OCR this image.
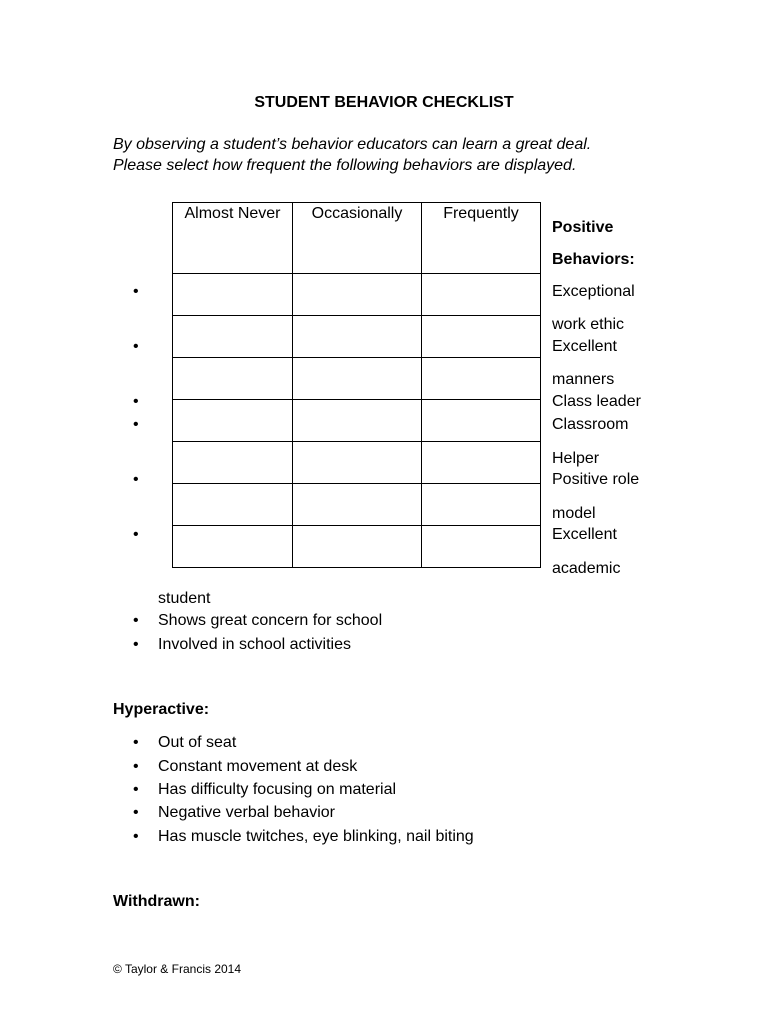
STUDENT BEHAVIOR CHECKLIST
By observing a student’s behavior educators can learn a great deal.
Please select how frequent the following behaviors are displayed.
Almost Never	Occasionally	Frequently

Positive
Behaviors:
Exceptional
work ethic
Excellent
manners
Class leader
Classroom
Helper
Positive role
model
Excellent
academic
student
•
•
•
•
•
•
• Shows great concern for school
• Involved in school activities
Hyperactive:
• Out of seat
• Constant movement at desk
• Has difficulty focusing on material
• Negative verbal behavior
• Has muscle twitches, eye blinking, nail biting
Withdrawn:
© Taylor & Francis 2014
